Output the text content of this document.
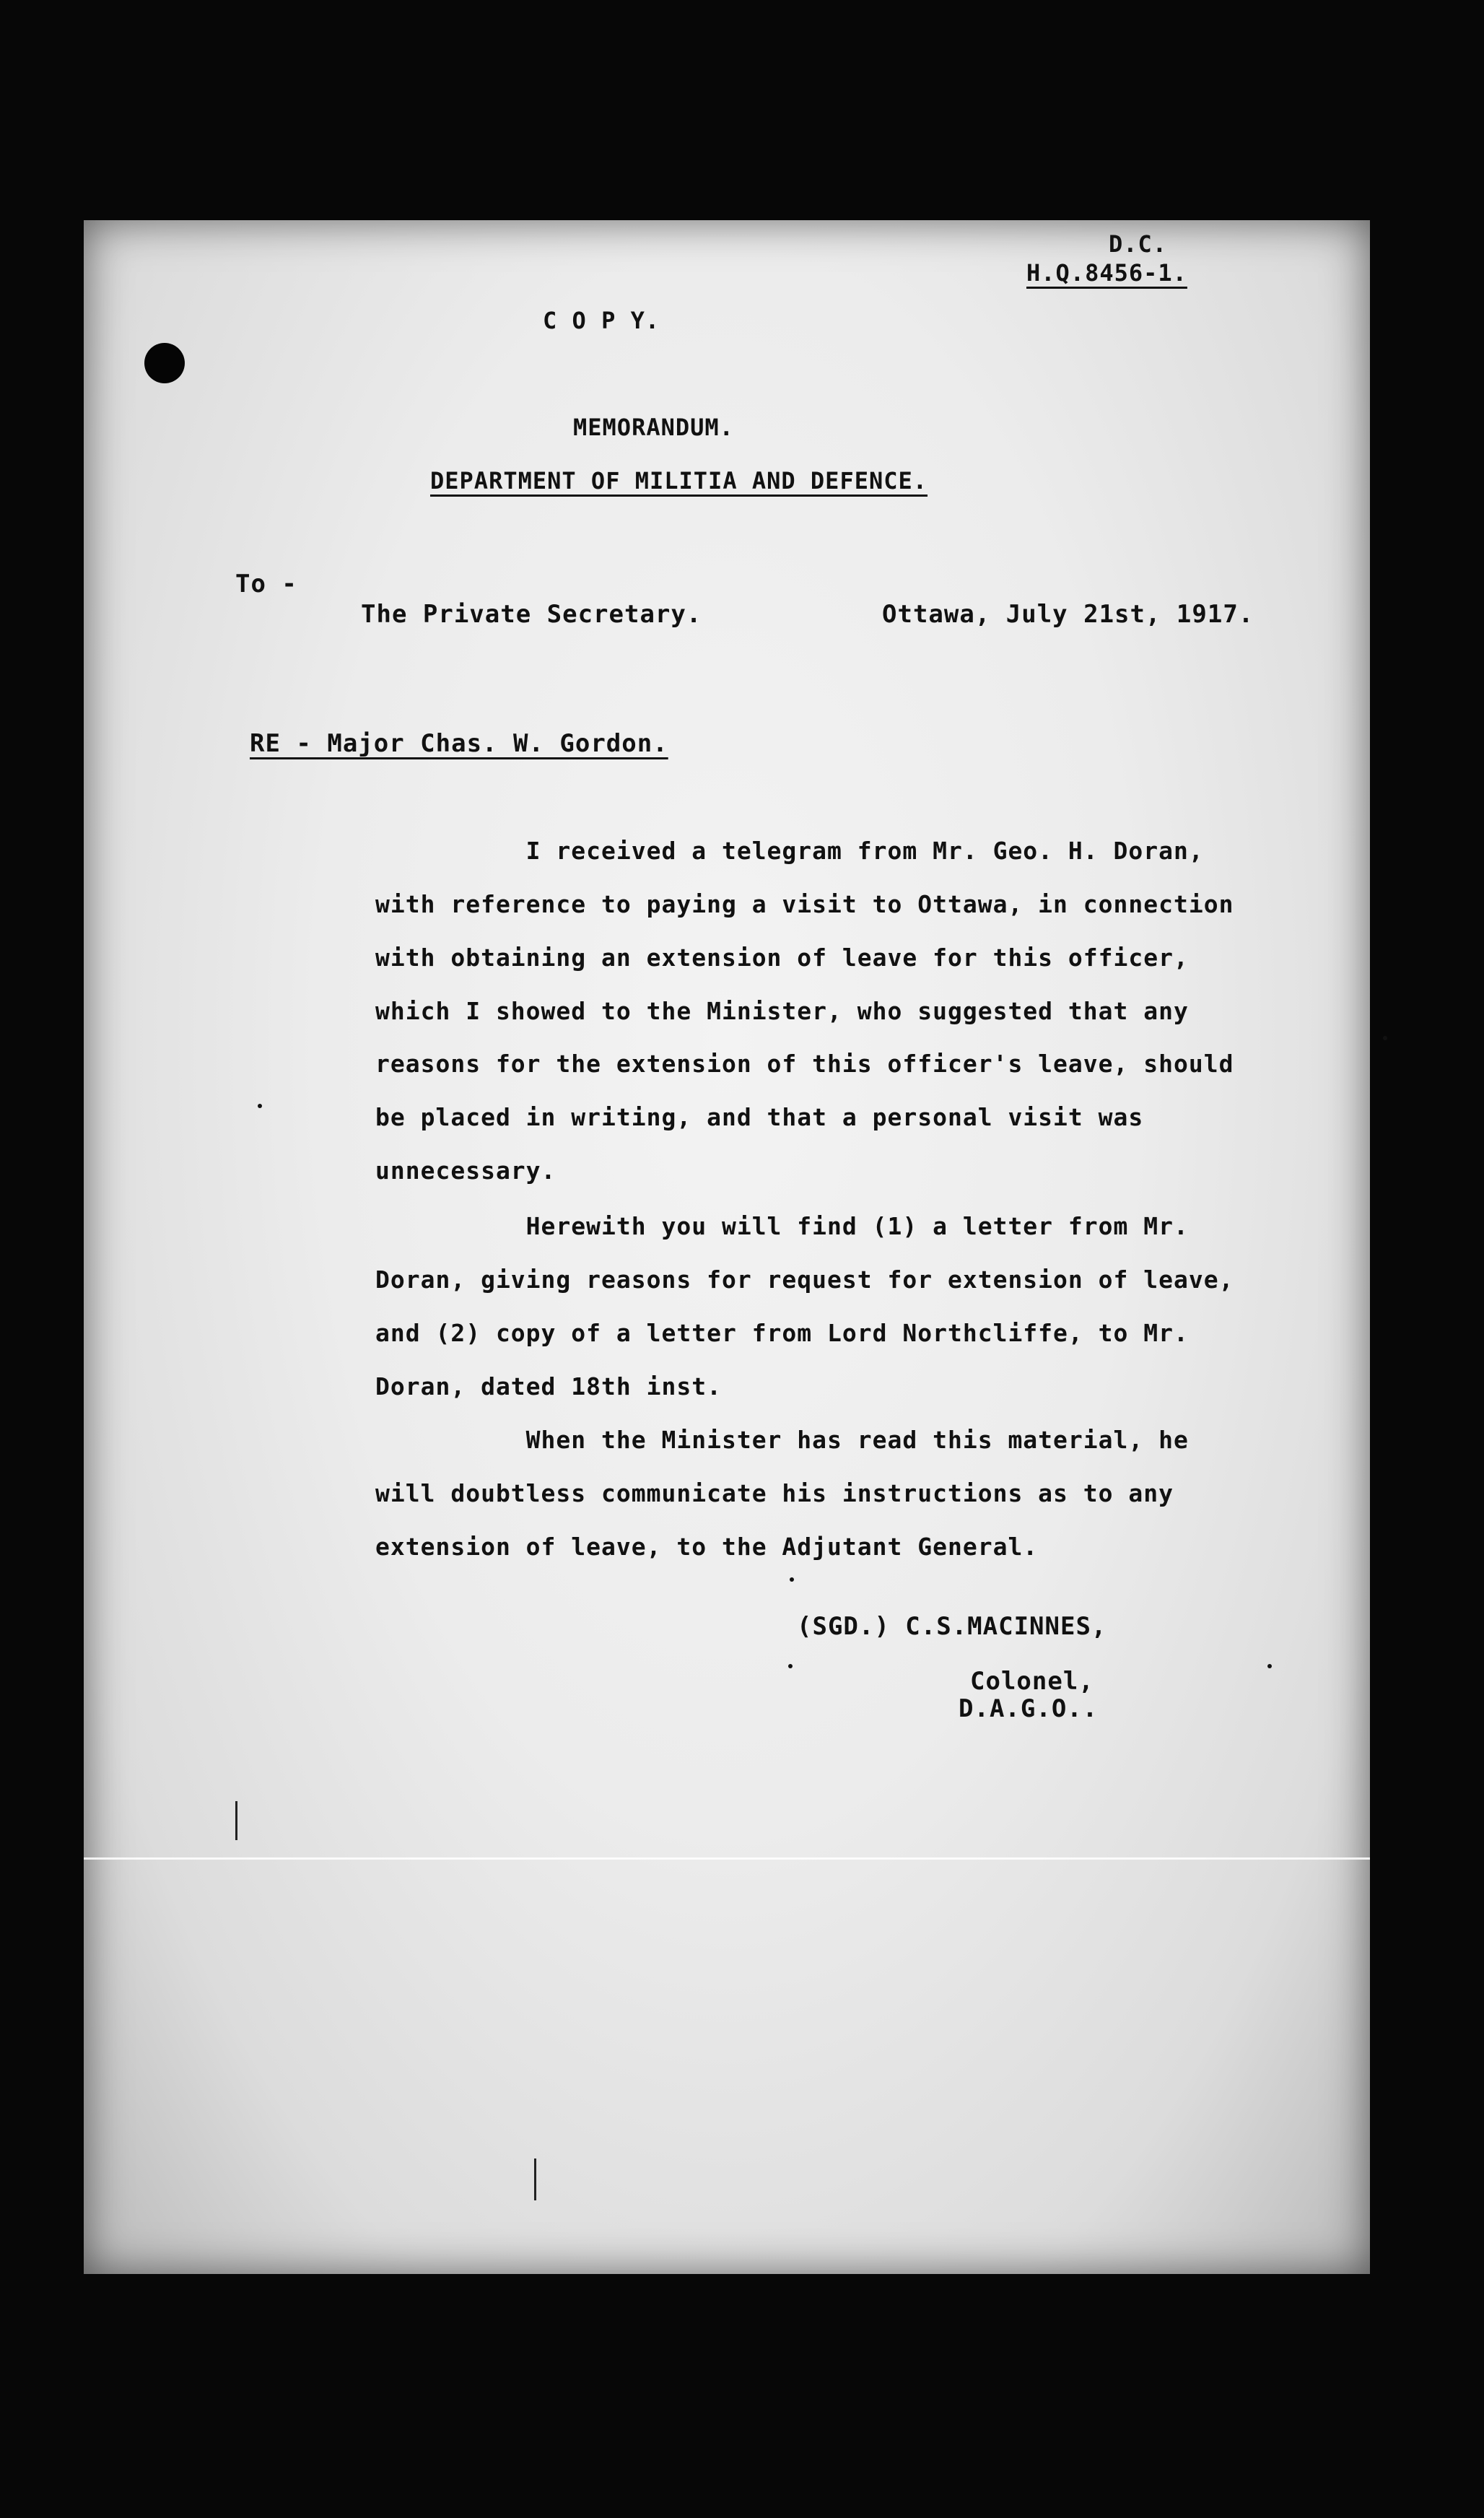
D.C.
H.Q.8456-1.
C O P Y.
MEMORANDUM.
DEPARTMENT OF MILITIA AND DEFENCE.
To -
The Private Secretary.	Ottawa, July 21st, 1917.
RE - Major Chas. W. Gordon.
I received a telegram from Mr. Geo. H. Doran,
with reference to paying a visit to Ottawa, in connection
with obtaining an extension of leave for this officer,
which I showed to the Minister, who suggested that any
reasons for the extension of this officer's leave, should
be placed in writing, and that a personal visit was
unnecessary.
Herewith you will find (1) a letter from Mr.
Doran, giving reasons for request for extension of leave,
and (2) copy of a letter from Lord Northcliffe, to Mr.
Doran, dated 18th inst.
When the Minister has read this material, he
will doubtless communicate his instructions as to any
extension of leave, to the Adjutant General.
(SGD.) C.S.MACINNES,
Colonel,
D.A.G.O..
